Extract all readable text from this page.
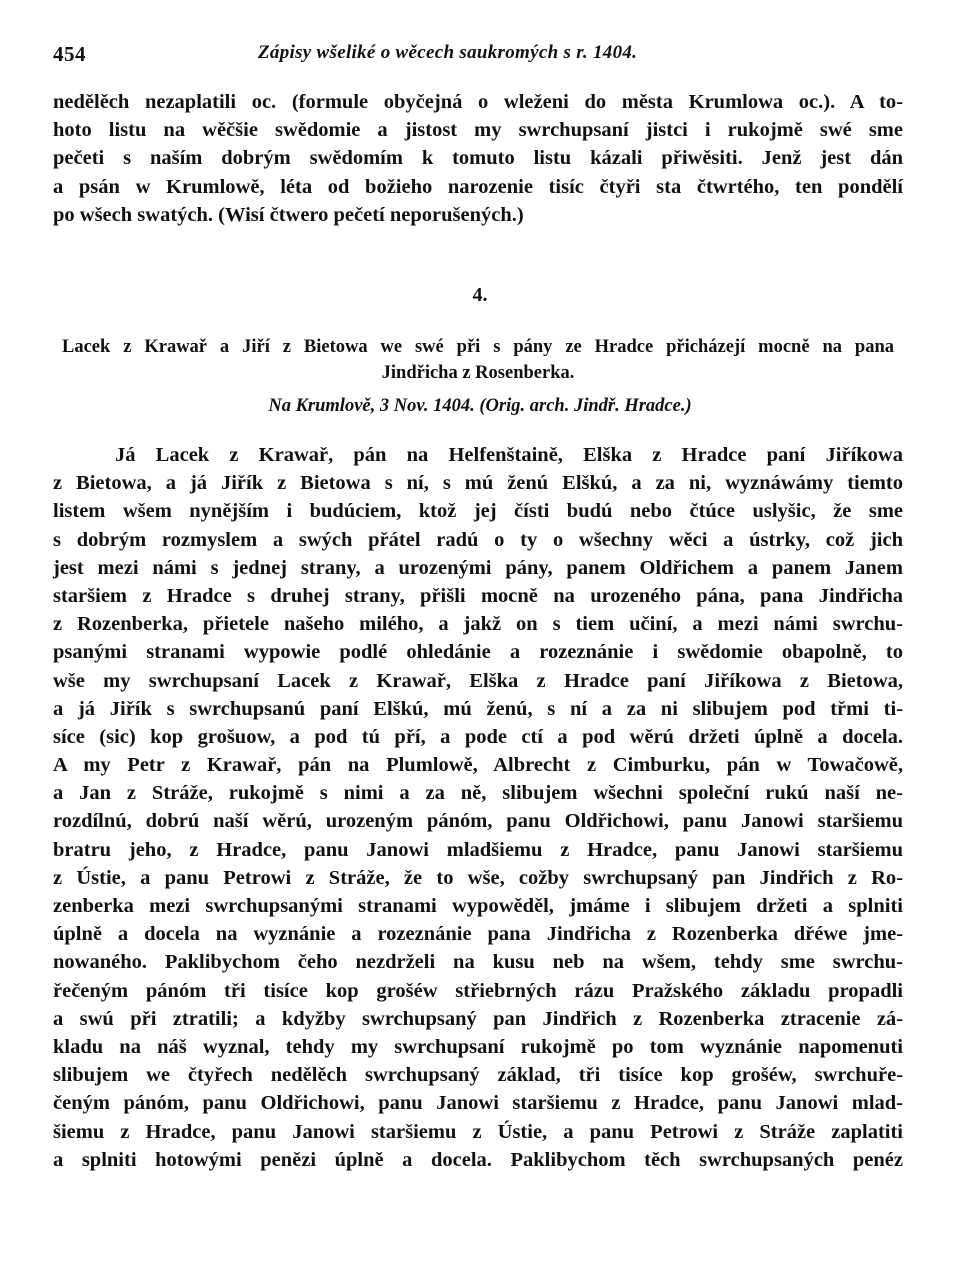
454	Zápisy wšeliké o wěcech saukromých s r. 1404.
nedělěch nezaplatili oc. (formule obyčejná o wleženi do města Krumlowa oc.). A to-
hoto listu na wěčšie swědomie a jistost my swrchupsaní jistci i rukojmě swé sme
pečeti s naším dobrým swědomím k tomuto listu kázali přiwěsiti. Jenž jest dán
a psán w Krumlowě, léta od božieho narozenie tisíc čtyři sta čtwrtého, ten pondělí
po wšech swatých. (Wisí čtwero pečetí neporušených.)
4.
Lacek z Krawař a Jiří z Bietowa we swé při s pány ze Hradce přicházejí mocně na pana
Jindřicha z Rosenberka.
Na Krumlově, 3 Nov. 1404. (Orig. arch. Jindř. Hradce.)
Já Lacek z Krawař, pán na Helfenštaině, Elška z Hradce paní Jiříkowa
z Bietowa, a já Jiřík z Bietowa s ní, s mú ženú Elškú, a za ni, wyznáwámy tiemto
listem wšem nynějším i budúciem, ktož jej čísti budú nebo čtúce uslyšic, že sme
s dobrým rozmyslem a swých přátel radú o ty o wšechny wěci a ústrky, což jich
jest mezi námi s jednej strany, a urozenými pány, panem Oldřichem a panem Janem
staršiem z Hradce s druhej strany, přišli mocně na urozeného pána, pana Jindřicha
z Rozenberka, přietele našeho milého, a jakž on s tiem učiní, a mezi námi swrchu-
psanými stranami wypowie podlé ohledánie a rozeznánie i swědomie obapolně, to
wše my swrchupsaní Lacek z Krawař, Elška z Hradce paní Jiříkowa z Bietowa,
a já Jiřík s swrchupsanú paní Elškú, mú ženú, s ní a za ni slibujem pod třmi ti-
síce (sic) kop grošuow, a pod tú pří, a pode ctí a pod wěrú držeti úplně a docela.
A my Petr z Krawař, pán na Plumlowě, Albrecht z Cimburku, pán w Towačowě,
a Jan z Stráže, rukojmě s nimi a za ně, slibujem wšechni společní rukú naší ne-
rozdílnú, dobrú naší wěrú, urozeným pánóm, panu Oldřichowi, panu Janowi staršiemu
bratru jeho, z Hradce, panu Janowi mladšiemu z Hradce, panu Janowi staršiemu
z Ústie, a panu Petrowi z Stráže, že to wše, cožby swrchupsaný pan Jindřich z Ro-
zenberka mezi swrchupsanými stranami wypowěděl, jmáme i slibujem držeti a splniti
úplně a docela na wyznánie a rozeznánie pana Jindřicha z Rozenberka dřéwe jme-
nowaného. Paklibychom čeho nezdrželi na kusu neb na wšem, tehdy sme swrchu-
řečeným pánóm tři tisíce kop grošéw střiebrných rázu Pražského základu propadli
a swú při ztratili; a kdyžby swrchupsaný pan Jindřich z Rozenberka ztracenie zá-
kladu na náš wyznal, tehdy my swrchupsaní rukojmě po tom wyznánie napomenuti
slibujem we čtyřech nedělěch swrchupsaný základ, tři tisíce kop grošéw, swrchuře-
čeným pánóm, panu Oldřichowi, panu Janowi staršiemu z Hradce, panu Janowi mlad-
šiemu z Hradce, panu Janowi staršiemu z Ústie, a panu Petrowi z Stráže zaplatiti
a splniti hotowými penězi úplně a docela. Paklibychom těch swrchupsaných penéz
